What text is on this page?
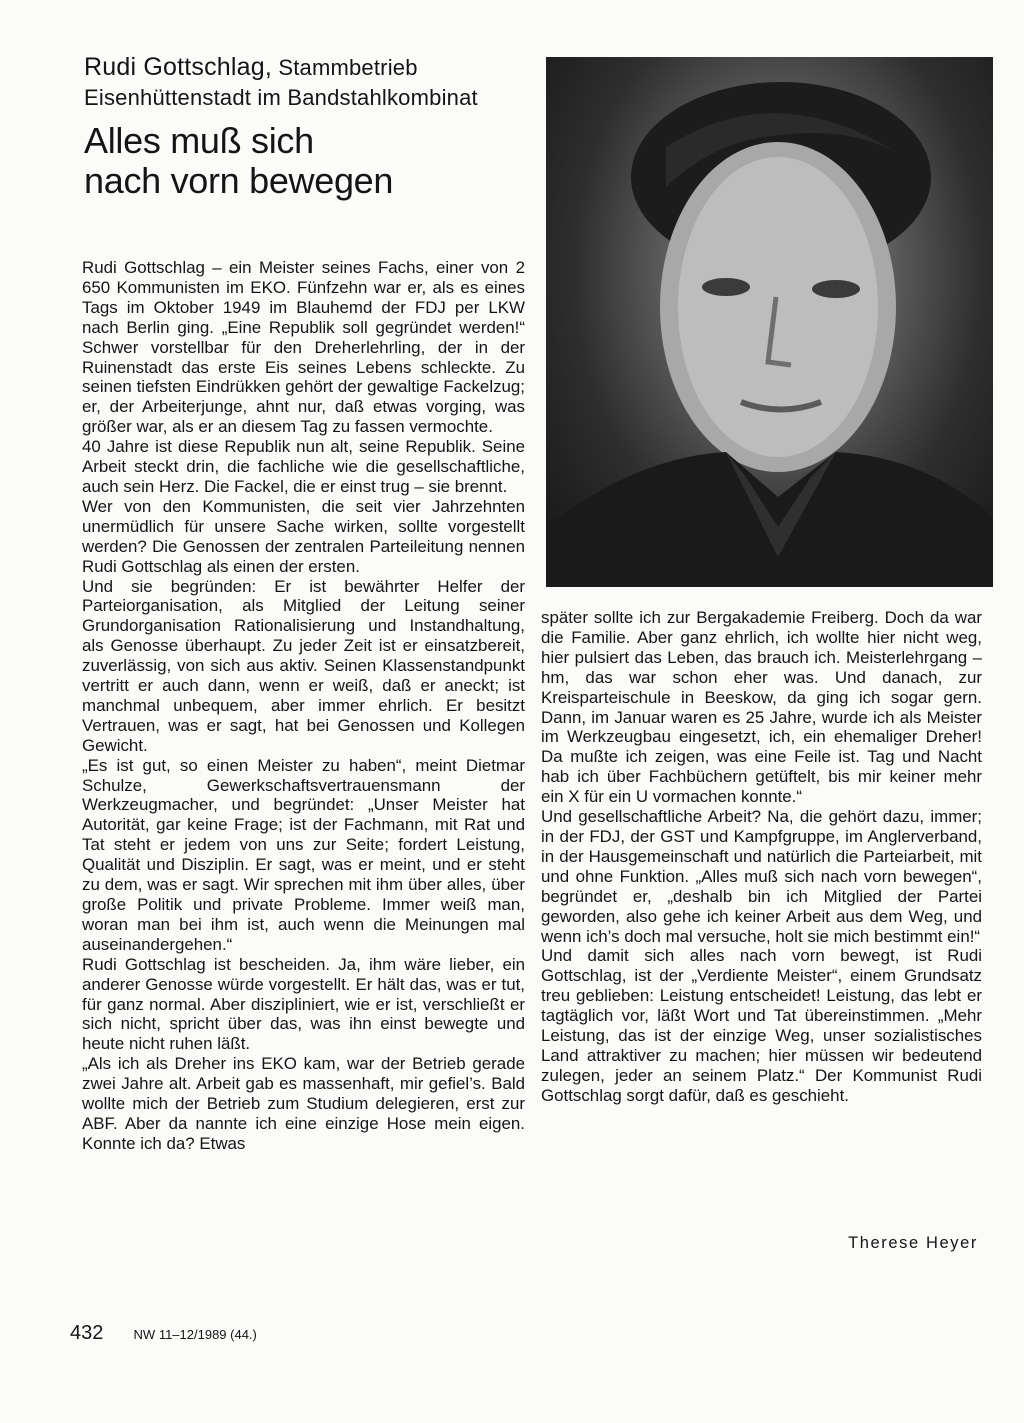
Rudi Gottschlag, Stammbetrieb
Eisenhüttenstadt im Bandstahlkombinat
Alles muß sich
nach vorn bewegen

Rudi Gottschlag – ein Meister seines Fachs, einer von 2 650 Kommunisten im EKO. Fünfzehn war er, als es eines Tags im Oktober 1949 im Blauhemd der FDJ per LKW nach Berlin ging. „Eine Republik soll gegründet werden!“ Schwer vorstellbar für den Dreherlehrling, der in der Ruinenstadt das erste Eis seines Lebens schleckte. Zu seinen tiefsten Eindrükken gehört der gewaltige Fackelzug; er, der Arbeiterjunge, ahnt nur, daß etwas vorging, was größer war, als er an diesem Tag zu fassen vermochte.

40 Jahre ist diese Republik nun alt, seine Republik. Seine Arbeit steckt drin, die fachliche wie die gesellschaftliche, auch sein Herz. Die Fackel, die er einst trug – sie brennt.

Wer von den Kommunisten, die seit vier Jahrzehnten unermüdlich für unsere Sache wirken, sollte vorgestellt werden? Die Genossen der zentralen Parteileitung nennen Rudi Gottschlag als einen der ersten.

Und sie begründen: Er ist bewährter Helfer der Parteiorganisation, als Mitglied der Leitung seiner Grundorganisation Rationalisierung und Instandhaltung, als Genosse überhaupt. Zu jeder Zeit ist er einsatzbereit, zuverlässig, von sich aus aktiv. Seinen Klassenstandpunkt vertritt er auch dann, wenn er weiß, daß er aneckt; ist manchmal unbequem, aber immer ehrlich. Er besitzt Vertrauen, was er sagt, hat bei Genossen und Kollegen Gewicht.

„Es ist gut, so einen Meister zu haben“, meint Dietmar Schulze, Gewerkschaftsvertrauensmann der Werkzeugmacher, und begründet: „Unser Meister hat Autorität, gar keine Frage; ist der Fachmann, mit Rat und Tat steht er jedem von uns zur Seite; fordert Leistung, Qualität und Disziplin. Er sagt, was er meint, und er steht zu dem, was er sagt. Wir sprechen mit ihm über alles, über große Politik und private Probleme. Immer weiß man, woran man bei ihm ist, auch wenn die Meinungen mal auseinandergehen.“

Rudi Gottschlag ist bescheiden. Ja, ihm wäre lieber, ein anderer Genosse würde vorgestellt. Er hält das, was er tut, für ganz normal. Aber diszipliniert, wie er ist, verschließt er sich nicht, spricht über das, was ihn einst bewegte und heute nicht ruhen läßt.

„Als ich als Dreher ins EKO kam, war der Betrieb gerade zwei Jahre alt. Arbeit gab es massenhaft, mir gefiel’s. Bald wollte mich der Betrieb zum Studium delegieren, erst zur ABF. Aber da nannte ich eine einzige Hose mein eigen. Konnte ich da? Etwas

später sollte ich zur Bergakademie Freiberg. Doch da war die Familie. Aber ganz ehrlich, ich wollte hier nicht weg, hier pulsiert das Leben, das brauch ich. Meisterlehrgang – hm, das war schon eher was. Und danach, zur Kreisparteischule in Beeskow, da ging ich sogar gern. Dann, im Januar waren es 25 Jahre, wurde ich als Meister im Werkzeugbau eingesetzt, ich, ein ehemaliger Dreher! Da mußte ich zeigen, was eine Feile ist. Tag und Nacht hab ich über Fachbüchern getüftelt, bis mir keiner mehr ein X für ein U vormachen konnte.“

Und gesellschaftliche Arbeit? Na, die gehört dazu, immer; in der FDJ, der GST und Kampfgruppe, im Anglerverband, in der Hausgemeinschaft und natürlich die Parteiarbeit, mit und ohne Funktion. „Alles muß sich nach vorn bewegen“, begründet er, „deshalb bin ich Mitglied der Partei geworden, also gehe ich keiner Arbeit aus dem Weg, und wenn ich’s doch mal versuche, holt sie mich bestimmt ein!“

Und damit sich alles nach vorn bewegt, ist Rudi Gottschlag, ist der „Verdiente Meister“, einem Grundsatz treu geblieben: Leistung entscheidet! Leistung, das lebt er tagtäglich vor, läßt Wort und Tat übereinstimmen. „Mehr Leistung, das ist der einzige Weg, unser sozialistisches Land attraktiver zu machen; hier müssen wir bedeutend zulegen, jeder an seinem Platz.“ Der Kommunist Rudi Gottschlag sorgt dafür, daß es geschieht.

Therese Heyer
432 NW 11–12/1989 (44.)
